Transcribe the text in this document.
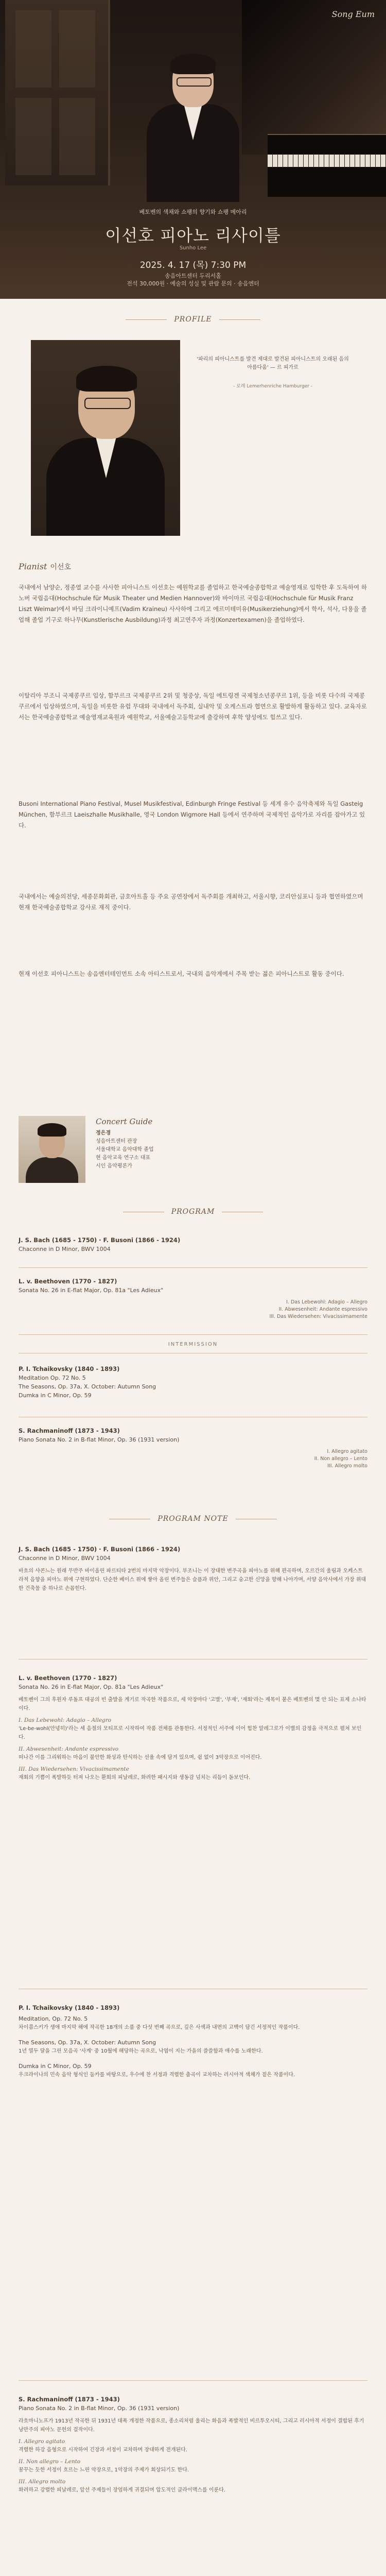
Song Eum
베토벤의 색채와 쇼팽의 향기와 쇼팽 메아리
이선호 피아노 리사이틀
Sunho Lee
2025. 4. 17 (목) 7:30 PM
송음아트센터 두리서홀
전석 30,000원 · 예술의 성실 및 관람 문의 · 송음엔터
PROFILE
'파리의 피아니스트를 발견 제대로 발견된 피아니스트의 오래된 음의 아름다움' — 르 피가로
- 로레 Lemerhenriche Hamburger -
Pianist 이선호
국내에서 남양순, 정종열 교수를 사사한 피아니스트 이선호는 예원학교를 졸업하고 한국예술종합학교 예술영재로 입학한 후 도독하여 하노버 국립음대(Hochschule für Musik Theater und Medien Hannover)와 바이마르 국립음대(Hochschule für Musik Franz Liszt Weimar)에서 바딤 크라이니예프(Vadim Kraineu) 사사하에 그리고 에르미테미유(Musikerziehung)에서 학사, 석사, 다용을 졸업해 졸업 기구로 하나무(Kunstlerische Ausbildung)과정 최고연주자 과정(Konzertexamen)을 졸업하였다.
이탈리아 부조니 국제콩쿠르 입상, 함부르크 국제콩쿠르 2위 및 청중상, 독일 에트링겐 국제청소년콩쿠르 1위, 등을 비롯 다수의 국제콩쿠르에서 입상하였으며, 독일을 비롯한 유럽 무대와 국내에서 독주회, 실내악 및 오케스트라 협연으로 활발하게 활동하고 있다. 교육자로서는 한국예술종합학교 예술영재교육원과 예원학교, 서울예술고등학교에 출강하며 후학 양성에도 힘쓰고 있다.
Busoni International Piano Festival, Musel Musikfestival, Edinburgh Fringe Festival 등 세계 유수 음악축제와 독일 Gasteig München, 함부르크 Laeiszhalle Musikhalle, 영국 London Wigmore Hall 등에서 연주하며 국제적인 음악가로 자리를 잡아가고 있다.
국내에서는 예술의전당, 세종문화회관, 금호아트홀 등 주요 공연장에서 독주회를 개최하고, 서울시향, 코리안심포니 등과 협연하였으며 현재 한국예술종합학교 강사로 재직 중이다.
현재 이선호 피아니스트는 송음엔터테인먼트 소속 아티스트로서, 국내외 음악계에서 주목 받는 젊은 피아니스트로 활동 중이다.
Concert Guide
정은경
성음아트센터 관장
서울대학교 음악대학 졸업
현 음악교육 연구소 대표
시인 음악평론가
PROGRAM
J. S. Bach (1685 - 1750) · F. Busoni (1866 - 1924)
Chaconne in D Minor, BWV 1004
L. v. Beethoven (1770 - 1827)
Sonata No. 26 in E-flat Major, Op. 81a "Les Adieux"
I. Das Lebewohl: Adagio – Allegro
II. Abwesenheit: Andante espressivo
III. Das Wiedersehen: Vivacissimamente
INTERMISSION
P. I. Tchaikovsky (1840 - 1893)
Meditation Op. 72 No. 5
The Seasons, Op. 37a, X. October: Autumn Song
Dumka in C Minor, Op. 59
S. Rachmaninoff (1873 - 1943)
Piano Sonata No. 2 in B-flat Minor, Op. 36 (1931 version)
I. Allegro agitato
II. Non allegro – Lento
III. Allegro molto
PROGRAM NOTE
J. S. Bach (1685 - 1750) · F. Busoni (1866 - 1924)
Chaconne in D Minor, BWV 1004
바흐의 샤콘느는 원래 무반주 바이올린 파르티타 2번의 마지막 악장이다. 부조니는 이 장대한 변주곡을 피아노를 위해 편곡하며, 오르간의 울림과 오케스트라적 음향을 피아노 위에 구현하였다. 단순한 베이스 위에 쌓아 올린 변주들은 슬픔과 위안, 그리고 숭고한 신앙을 향해 나아가며, 서양 음악사에서 가장 위대한 건축물 중 하나로 손꼽힌다.
L. v. Beethoven (1770 - 1827)
Sonata No. 26 in E-flat Major, Op. 81a "Les Adieux"
베토벤이 그의 후원자 루돌프 대공의 빈 출발을 계기로 작곡한 작품으로, 세 악장마다 '고별', '부재', '재회'라는 제목이 붙은 베토벤의 몇 안 되는 표제 소나타이다.
I. Das Lebewohl: Adagio – Allegro
'Le-be-wohl(안녕히)'라는 세 음절의 모티프로 시작하여 작품 전체를 관통한다. 서정적인 서주에 이어 힘찬 알레그로가 이별의 감정을 극적으로 펼쳐 보인다.
II. Abwesenheit: Andante espressivo
떠나간 이를 그리워하는 마음이 불안한 화성과 탄식하는 선율 속에 담겨 있으며, 쉼 없이 3악장으로 이어진다.
III. Das Wiedersehen: Vivacissimamente
재회의 기쁨이 폭발하듯 터져 나오는 환희의 피날레로, 화려한 패시지와 생동감 넘치는 리듬이 돋보인다.
P. I. Tchaikovsky (1840 - 1893)
Meditation, Op. 72 No. 5
차이콥스키가 생애 마지막 해에 작곡한 18개의 소품 중 다섯 번째 곡으로, 깊은 사색과 내면의 고백이 담긴 서정적인 작품이다.
The Seasons, Op. 37a, X. October: Autumn Song
1년 열두 달을 그린 모음곡 '사계' 중 10월에 해당하는 곡으로, 낙엽이 지는 가을의 쓸쓸함과 애수를 노래한다.
Dumka in C Minor, Op. 59
우크라이나의 민속 음악 형식인 둠카를 바탕으로, 우수에 찬 서정과 격렬한 춤곡이 교차하는 러시아적 색채가 짙은 작품이다.
S. Rachmaninoff (1873 - 1943)
Piano Sonata No. 2 in B-flat Minor, Op. 36 (1931 version)
라흐마니노프가 1913년 작곡한 뒤 1931년 대폭 개정한 작품으로, 종소리처럼 울리는 화음과 폭발적인 비르투오시티, 그리고 러시아적 서정이 결합된 후기 낭만주의 피아노 문헌의 걸작이다.
I. Allegro agitato
격렬한 하강 음형으로 시작하여 긴장과 서정이 교차하며 장대하게 전개된다.
II. Non allegro – Lento
꿈꾸는 듯한 서정이 흐르는 느린 악장으로, 1악장의 주제가 회상되기도 한다.
III. Allegro molto
화려하고 강렬한 피날레로, 앞선 주제들이 장엄하게 귀결되며 압도적인 클라이맥스를 이룬다.
